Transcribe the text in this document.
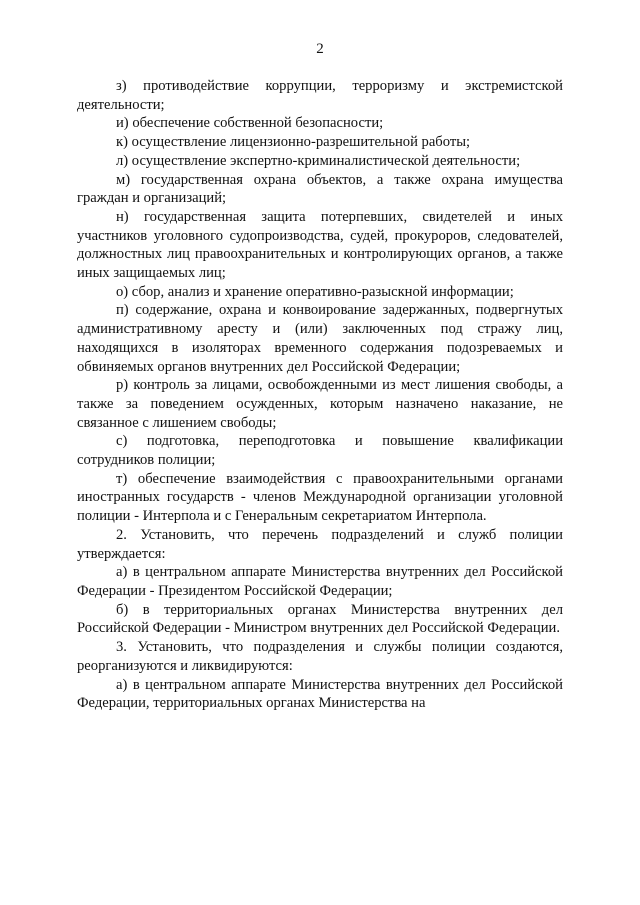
2

з) противодействие коррупции, терроризму и экстремистской деятельности;

и) обеспечение собственной безопасности;

к) осуществление лицензионно-разрешительной работы;

л) осуществление экспертно-криминалистической деятельности;

м) государственная охрана объектов, а также охрана имущества граждан и организаций;

н) государственная защита потерпевших, свидетелей и иных участников уголовного судопроизводства, судей, прокуроров, следователей, должностных лиц правоохранительных и контролирующих органов, а также иных защищаемых лиц;

о) сбор, анализ и хранение оперативно-разыскной информации;

п) содержание, охрана и конвоирование задержанных, подвергнутых административному аресту и (или) заключенных под стражу лиц, находящихся в изоляторах временного содержания подозреваемых и обвиняемых органов внутренних дел Российской Федерации;

р) контроль за лицами, освобожденными из мест лишения свободы, а также за поведением осужденных, которым назначено наказание, не связанное с лишением свободы;

с) подготовка, переподготовка и повышение квалификации сотрудников полиции;

т) обеспечение взаимодействия с правоохранительными органами иностранных государств - членов Международной организации уголовной полиции - Интерпола и с Генеральным секретариатом Интерпола.

2. Установить, что перечень подразделений и служб полиции утверждается:

а) в центральном аппарате Министерства внутренних дел Российской Федерации - Президентом Российской Федерации;

б) в территориальных органах Министерства внутренних дел Российской Федерации - Министром внутренних дел Российской Федерации.

3. Установить, что подразделения и службы полиции создаются, реорганизуются и ликвидируются:

а) в центральном аппарате Министерства внутренних дел Российской Федерации, территориальных органах Министерства на
